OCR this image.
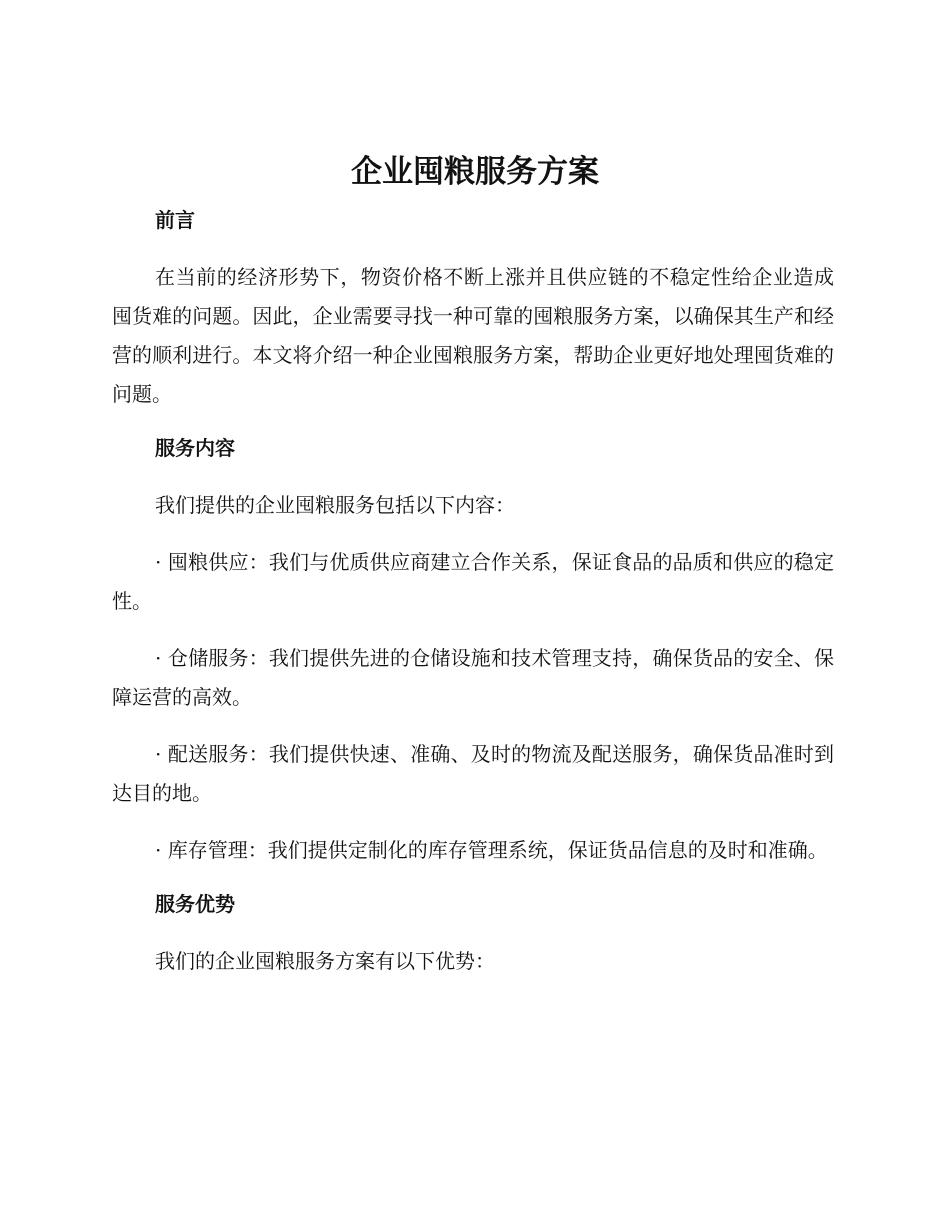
企业囤粮服务方案
前言

在当前的经济形势下，物资价格不断上涨并且供应链的不稳定性给企业造成囤货难的问题。因此，企业需要寻找一种可靠的囤粮服务方案，以确保其生产和经营的顺利进行。本文将介绍一种企业囤粮服务方案，帮助企业更好地处理囤货难的问题。

服务内容

我们提供的企业囤粮服务包括以下内容：

· 囤粮供应：我们与优质供应商建立合作关系，保证食品的品质和供应的稳定性。

· 仓储服务：我们提供先进的仓储设施和技术管理支持，确保货品的安全、保障运营的高效。

· 配送服务：我们提供快速、准确、及时的物流及配送服务，确保货品准时到达目的地。

· 库存管理：我们提供定制化的库存管理系统，保证货品信息的及时和准确。

服务优势

我们的企业囤粮服务方案有以下优势：
